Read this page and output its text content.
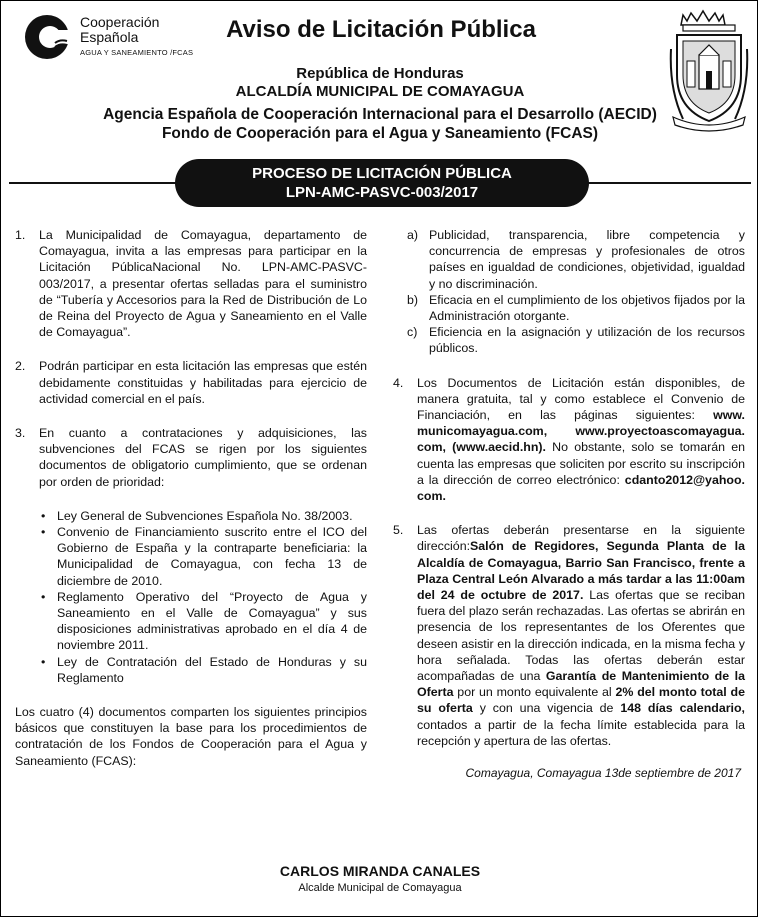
Cooperación
Española
AGUA Y SANEAMIENTO /FCAS
Aviso de Licitación Pública
República de Honduras
ALCALDÍA MUNICIPAL DE COMAYAGUA
Agencia Española de Cooperación Internacional para el Desarrollo (AECID)
Fondo de Cooperación para el Agua y Saneamiento (FCAS)
PROCESO DE LICITACIÓN PÚBLICA
LPN-AMC-PASVC-003/2017
1. La Municipalidad de Comayagua, departamento de Comayagua, invita a las empresas para participar en la Licitación PúblicaNacional No. LPN-AMC-PASVC-003/2017, a presentar ofertas selladas para el suministro de “Tubería y Accesorios para la Red de Distribución de Lo de Reina del Proyecto de Agua y Saneamiento en el Valle de Comayagua”.
2. Podrán participar en esta licitación las empresas que estén debidamente constituidas y habilitadas para ejercicio de actividad comercial en el país.
3. En cuanto a contrataciones y adquisiciones, las subvenciones del FCAS se rigen por los siguientes documentos de obligatorio cumplimiento, que se ordenan por orden de prioridad:
• Ley General de Subvenciones Española No. 38/2003.
• Convenio de Financiamiento suscrito entre el ICO del Gobierno de España y la contraparte beneficiaria: la Municipalidad de Comayagua, con fecha 13 de diciembre de 2010.
• Reglamento Operativo del “Proyecto de Agua y Saneamiento en el Valle de Comayagua” y sus disposiciones administrativas aprobado en el día 4 de noviembre 2011.
• Ley de Contratación del Estado de Honduras y su Reglamento
Los cuatro (4) documentos comparten los siguientes principios básicos que constituyen la base para los procedimientos de contratación de los Fondos de Cooperación para el Agua y Saneamiento (FCAS):
a) Publicidad, transparencia, libre competencia y concurrencia de empresas y profesionales de otros países en igualdad de condiciones, objetividad, igualdad y no discriminación.
b) Eficacia en el cumplimiento de los objetivos fijados por la Administración otorgante.
c) Eficiencia en la asignación y utilización de los recursos públicos.
4. Los Documentos de Licitación están disponibles, de manera gratuita, tal y como establece el Convenio de Financiación, en las páginas siguientes: www. municomayagua.com, www.proyectoascomayagua. com, (www.aecid.hn). No obstante, solo se tomarán en cuenta las empresas que soliciten por escrito su inscripción a la dirección de correo electrónico: cdanto2012@yahoo. com.
5. Las ofertas deberán presentarse en la siguiente dirección:Salón de Regidores, Segunda Planta de la Alcaldía de Comayagua, Barrio San Francisco, frente a Plaza Central León Alvarado a más tardar a las 11:00am del 24 de octubre de 2017. Las ofertas que se reciban fuera del plazo serán rechazadas. Las ofertas se abrirán en presencia de los representantes de los Oferentes que deseen asistir en la dirección indicada, en la misma fecha y hora señalada. Todas las ofertas deberán estar acompañadas de una Garantía de Mantenimiento de la Oferta por un monto equivalente al 2% del monto total de su oferta y con una vigencia de 148 días calendario, contados a partir de la fecha límite establecida para la recepción y apertura de las ofertas.
Comayagua, Comayagua 13de septiembre de 2017
CARLOS MIRANDA CANALES
Alcalde Municipal de Comayagua
